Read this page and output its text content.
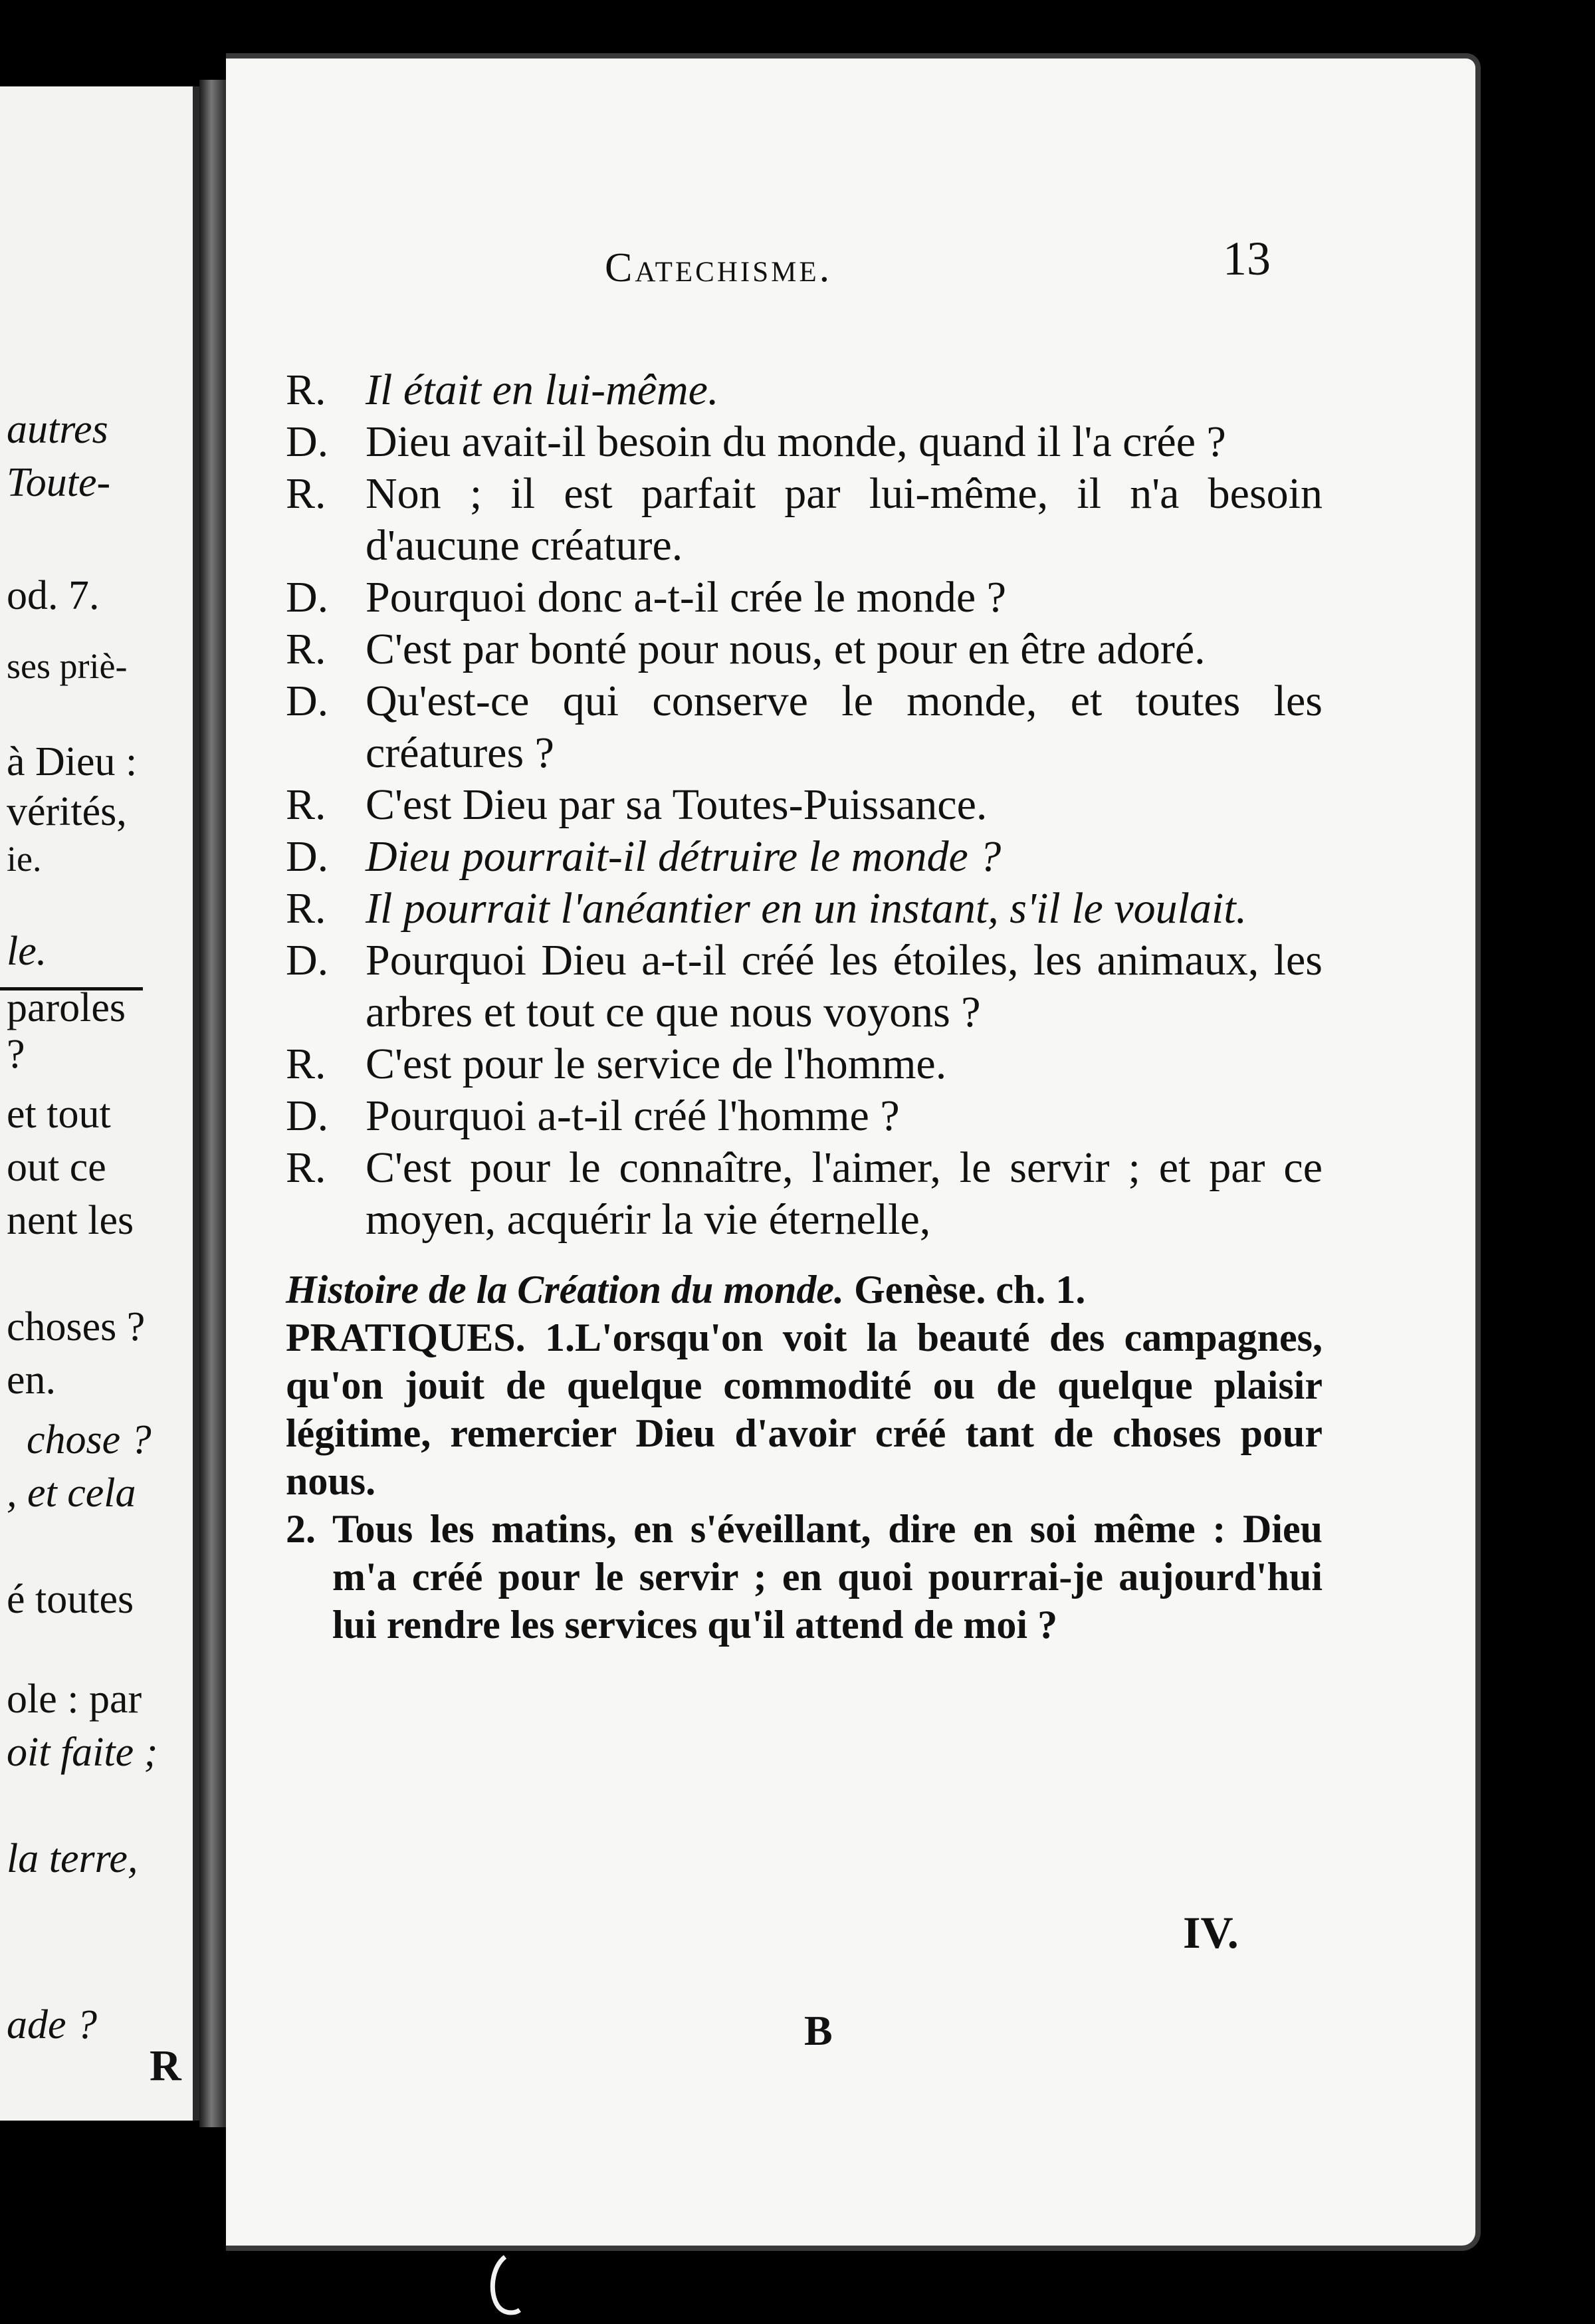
autres
Toute-
od. 7.
ses priè-
à Dieu :
vérités,
ie.
le.
paroles
?
et tout
out ce
nent les
choses ?
en.
chose ?
, et cela
é toutes
ole : par
oit faite ;
la terre,
ade ?
R
Catechisme.	13
R. Il était en lui-même.
D. Dieu avait-il besoin du monde, quand il l'a crée ?
R. Non ; il est parfait par lui-même, il n'a besoin d'aucune créature.
D. Pourquoi donc a-t-il crée le monde ?
R. C'est par bonté pour nous, et pour en être adoré.
D. Qu'est-ce qui conserve le monde, et toutes les créatures ?
R. C'est Dieu par sa Toutes-Puissance.
D. Dieu pourrait-il détruire le monde ?
R. Il pourrait l'anéantier en un instant, s'il le voulait.
D. Pourquoi Dieu a-t-il créé les étoiles, les animaux, les arbres et tout ce que nous voyons ?
R. C'est pour le service de l'homme.
D. Pourquoi a-t-il créé l'homme ?
R. C'est pour le connaître, l'aimer, le servir ; et par ce moyen, acquérir la vie éternelle,
Histoire de la Création du monde. Genèse. ch. 1.
PRATIQUES. 1.L'orsqu'on voit la beauté des campagnes, qu'on jouit de quelque commodité ou de quelque plaisir légitime, remercier Dieu d'avoir créé tant de choses pour nous.
2. Tous les matins, en s'éveillant, dire en soi même : Dieu m'a créé pour le servir ; en quoi pourrai-je aujourd'hui lui rendre les services qu'il attend de moi ?
IV.
B
